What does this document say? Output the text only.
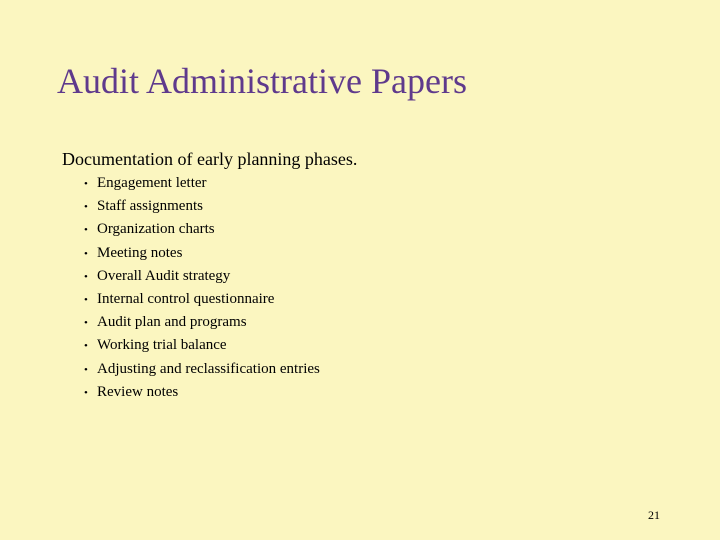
Audit Administrative Papers

Documentation of early planning phases.

• Engagement letter
• Staff assignments
• Organization charts
• Meeting notes
• Overall Audit strategy
• Internal control questionnaire
• Audit plan and programs
• Working trial balance
• Adjusting and reclassification entries
• Review notes
21
